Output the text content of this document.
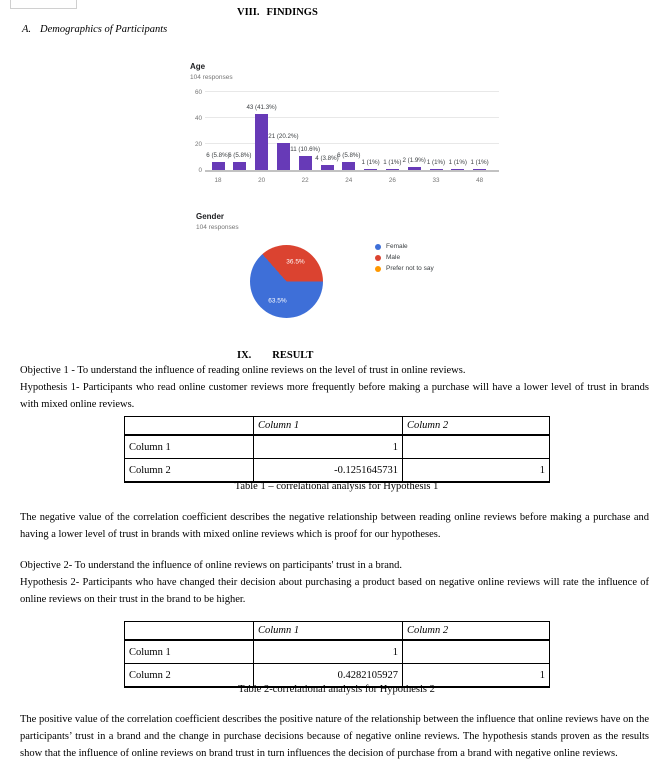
VIII. FINDINGS
A. Demographics of Participants
Age
104 responses
0
20
40
60
6 (5.8%)
6 (5.8%)
43 (41.3%)
21 (20.2%)
11 (10.6%)
4 (3.8%)
6 (5.8%)
1 (1%) 1 (1%) 2 (1.9%) 1 (1%) 1 (1%) 1 (1%)
18	20	22	24	26	33	48
Gender
104 responses
63.5%
36.5%
Female
Male
Prefer not to say
IX. RESULT

Objective 1 - To understand the influence of reading online reviews on the level of trust in online reviews.

Hypothesis 1- Participants who read online customer reviews more frequently before making a purchase will have a lower level of trust in brands with mixed online reviews.

	Column 1	Column 2
Column 1	1	
Column 2	-0.1251645731	1
Table 1 – correlational analysis for Hypothesis 1

The negative value of the correlation coefficient describes the negative relationship between reading online reviews before making a purchase and having a lower level of trust in brands with mixed online reviews which is proof for our hypotheses.

Objective 2- To understand the influence of online reviews on participants' trust in a brand.

Hypothesis 2- Participants who have changed their decision about purchasing a product based on negative online reviews will rate the influence of online reviews on their trust in the brand to be higher.

	Column 1	Column 2
Column 1	1	
Column 2	0.4282105927	1
Table 2-correlational analysis for Hypothesis 2

The positive value of the correlation coefficient describes the positive nature of the relationship between the influence that online reviews have on the participants’ trust in a brand and the change in purchase decisions because of negative online reviews. The hypothesis stands proven as the results show that the influence of online reviews on brand trust in turn influences the decision of purchase from a brand with negative online reviews.
